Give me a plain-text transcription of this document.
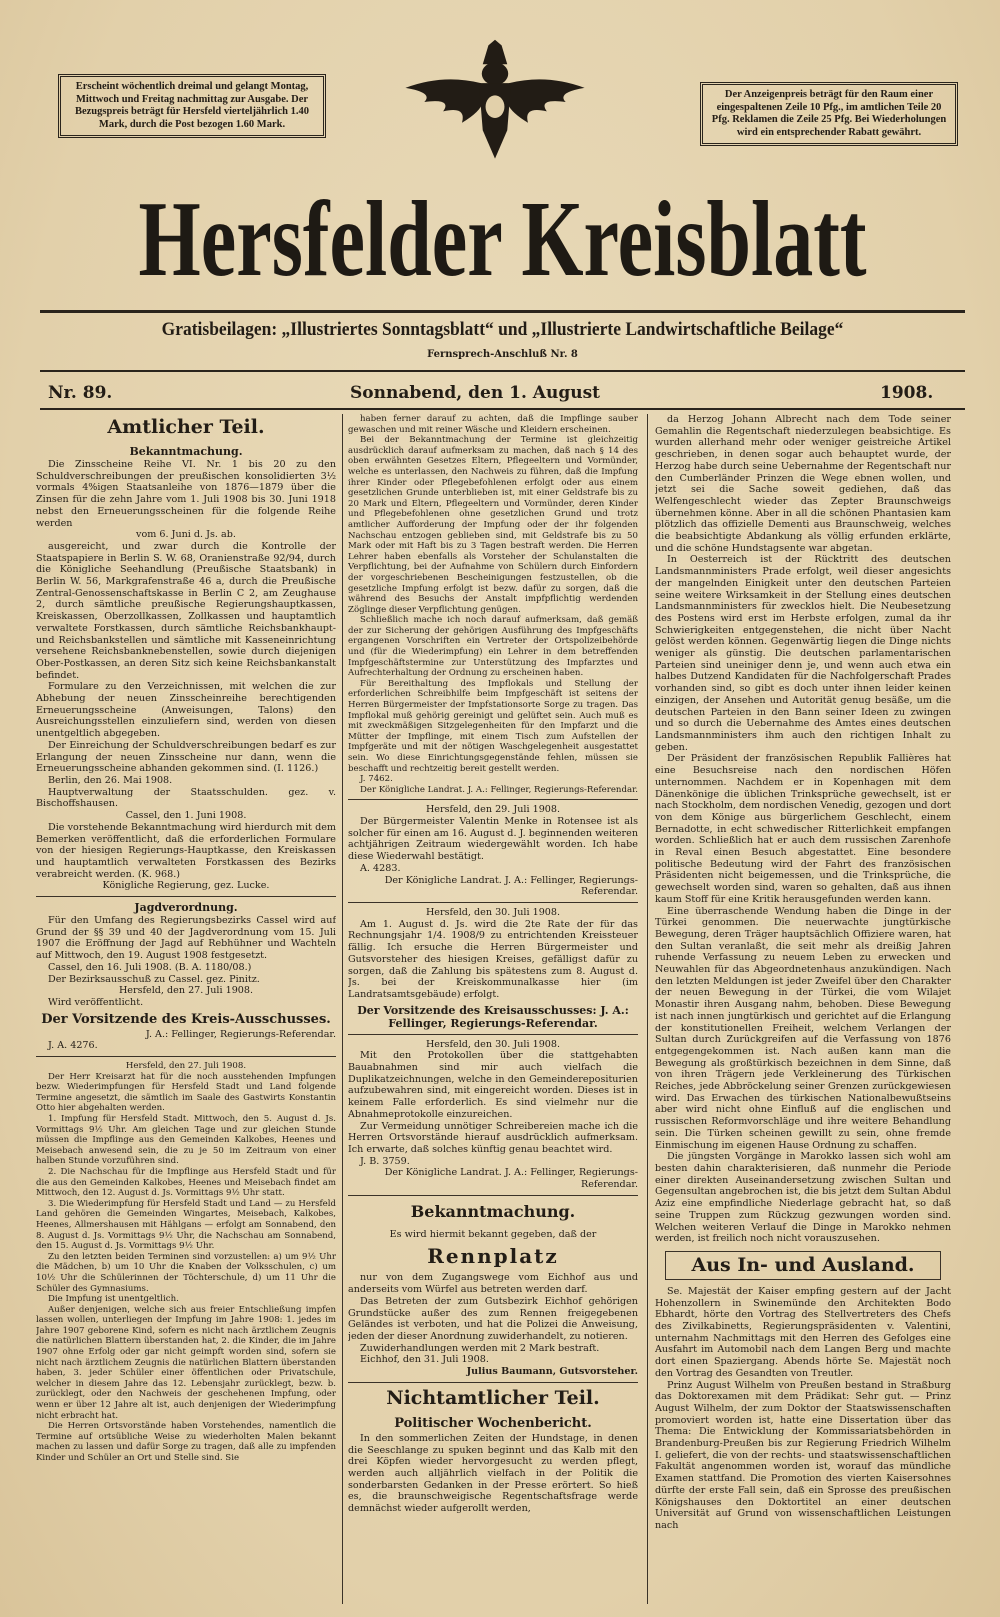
Erscheint wöchentlich dreimal und gelangt Montag, Mittwoch und Freitag nachmittag zur Ausgabe. Der Bezugspreis beträgt für Hersfeld vierteljährlich 1.40 Mark, durch die Post bezogen 1.60 Mark.
Der Anzeigenpreis beträgt für den Raum einer eingespaltenen Zeile 10 Pfg., im amtlichen Teile 20 Pfg. Reklamen die Zeile 25 Pfg. Bei Wiederholungen wird ein entsprechender Rabatt gewährt.
Hersfelder Kreisblatt
Gratisbeilagen: „Illustriertes Sonntagsblatt“ und „Illustrierte Landwirtschaftliche Beilage“
Fernsprech-Anschluß Nr. 8
Nr. 89.	Sonnabend, den 1. August	1908.
Amtlicher Teil.
Bekanntmachung.

Die Zinsscheine Reihe VI. Nr. 1 bis 20 zu den Schuldverschreibungen der preußischen konsolidierten 3½ vormals 4%igen Staatsanleihe von 1876—1879 über die Zinsen für die zehn Jahre vom 1. Juli 1908 bis 30. Juni 1918 nebst den Erneuerungsscheinen für die folgende Reihe werden

vom 6. Juni d. Js. ab.

ausgereicht, und zwar durch die Kontrolle der Staatspapiere in Berlin S. W. 68, Oranienstraße 92/94, durch die Königliche Seehandlung (Preußische Staatsbank) in Berlin W. 56, Markgrafenstraße 46 a, durch die Preußische Zentral-Genossenschaftskasse in Berlin C 2, am Zeughause 2, durch sämtliche preußische Regierungshauptkassen, Kreiskassen, Oberzollkassen, Zollkassen und hauptamtlich verwaltete Forstkassen, durch sämtliche Reichsbankhaupt- und Reichsbankstellen und sämtliche mit Kasseneinrichtung versehene Reichsbanknebenstellen, sowie durch diejenigen Ober-Postkassen, an deren Sitz sich keine Reichsbankanstalt befindet.

Formulare zu den Verzeichnissen, mit welchen die zur Abhebung der neuen Zinsscheinreihe berechtigenden Erneuerungsscheine (Anweisungen, Talons) den Ausreichungsstellen einzuliefern sind, werden von diesen unentgeltlich abgegeben.

Der Einreichung der Schuldverschreibungen bedarf es zur Erlangung der neuen Zinsscheine nur dann, wenn die Erneuerungsscheine abhanden gekommen sind. (I. 1126.)

Berlin, den 26. Mai 1908.

Hauptverwaltung der Staatsschulden. gez. v. Bischoffshausen.

Cassel, den 1. Juni 1908.

Die vorstehende Bekanntmachung wird hierdurch mit dem Bemerken veröffentlicht, daß die erforderlichen Formulare von der hiesigen Regierungs-Hauptkasse, den Kreiskassen und hauptamtlich verwalteten Forstkassen des Bezirks verabreicht werden. (K. 968.)

Königliche Regierung, gez. Lucke.

Jagdverordnung.

Für den Umfang des Regierungsbezirks Cassel wird auf Grund der §§ 39 und 40 der Jagdverordnung vom 15. Juli 1907 die Eröffnung der Jagd auf Rebhühner und Wachteln auf Mittwoch, den 19. August 1908 festgesetzt.

Cassel, den 16. Juli 1908. (B. A. 1180/08.)

Der Bezirksausschuß zu Cassel. gez. Pinitz.

Hersfeld, den 27. Juli 1908.

Wird veröffentlicht.

Der Vorsitzende des Kreis-Ausschusses.

J. A.: Fellinger, Regierungs-Referendar.

J. A. 4276.

Hersfeld, den 27. Juli 1908.

Der Herr Kreisarzt hat für die noch ausstehenden Impfungen bezw. Wiederimpfungen für Hersfeld Stadt und Land folgende Termine angesetzt, die sämtlich im Saale des Gastwirts Konstantin Otto hier abgehalten werden.

1. Impfung für Hersfeld Stadt. Mittwoch, den 5. August d. Js. Vormittags 9½ Uhr. Am gleichen Tage und zur gleichen Stunde müssen die Impflinge aus den Gemeinden Kalkobes, Heenes und Meisebach anwesend sein, die zu je 50 im Zeitraum von einer halben Stunde vorzuführen sind.

2. Die Nachschau für die Impflinge aus Hersfeld Stadt und für die aus den Gemeinden Kalkobes, Heenes und Meisebach findet am Mittwoch, den 12. August d. Js. Vormittags 9½ Uhr statt.

3. Die Wiederimpfung für Hersfeld Stadt und Land — zu Hersfeld Land gehören die Gemeinden Wingartes, Meisebach, Kalkobes, Heenes, Allmershausen mit Hählgans — erfolgt am Sonnabend, den 8. August d. Js. Vormittags 9½ Uhr, die Nachschau am Sonnabend, den 15. August d. Js. Vormittags 9½ Uhr.

Zu den letzten beiden Terminen sind vorzustellen: a) um 9½ Uhr die Mädchen, b) um 10 Uhr die Knaben der Volksschulen, c) um 10½ Uhr die Schülerinnen der Töchterschule, d) um 11 Uhr die Schüler des Gymnasiums.

Die Impfung ist unentgeltlich.

Außer denjenigen, welche sich aus freier Entschließung impfen lassen wollen, unterliegen der Impfung im Jahre 1908: 1. jedes im Jahre 1907 geborene Kind, sofern es nicht nach ärztlichem Zeugnis die natürlichen Blattern überstanden hat, 2. die Kinder, die im Jahre 1907 ohne Erfolg oder gar nicht geimpft worden sind, sofern sie nicht nach ärztlichem Zeugnis die natürlichen Blattern überstanden haben, 3. jeder Schüler einer öffentlichen oder Privatschule, welcher in diesem Jahre das 12. Lebensjahr zurücklegt, bezw. b. zurücklegt, oder den Nachweis der geschehenen Impfung, oder wenn er über 12 Jahre alt ist, auch denjenigen der Wiederimpfung nicht erbracht hat.

Die Herren Ortsvorstände haben Vorstehendes, namentlich die Termine auf ortsübliche Weise zu wiederholten Malen bekannt machen zu lassen und dafür Sorge zu tragen, daß alle zu impfenden Kinder und Schüler an Ort und Stelle sind. Sie

haben ferner darauf zu achten, daß die Impflinge sauber gewaschen und mit reiner Wäsche und Kleidern erscheinen.

Bei der Bekanntmachung der Termine ist gleichzeitig ausdrücklich darauf aufmerksam zu machen, daß nach § 14 des oben erwähnten Gesetzes Eltern, Pflegeeltern und Vormünder, welche es unterlassen, den Nachweis zu führen, daß die Impfung ihrer Kinder oder Pflegebefohlenen erfolgt oder aus einem gesetzlichen Grunde unterblieben ist, mit einer Geldstrafe bis zu 20 Mark und Eltern, Pflegeeltern und Vormünder, deren Kinder und Pflegebefohlenen ohne gesetzlichen Grund und trotz amtlicher Aufforderung der Impfung oder der ihr folgenden Nachschau entzogen geblieben sind, mit Geldstrafe bis zu 50 Mark oder mit Haft bis zu 3 Tagen bestraft werden. Die Herren Lehrer haben ebenfalls als Vorsteher der Schulanstalten die Verpflichtung, bei der Aufnahme von Schülern durch Einfordern der vorgeschriebenen Bescheinigungen festzustellen, ob die gesetzliche Impfung erfolgt ist bezw. dafür zu sorgen, daß die während des Besuchs der Anstalt impfpflichtig werdenden Zöglinge dieser Verpflichtung genügen.

Schließlich mache ich noch darauf aufmerksam, daß gemäß der zur Sicherung der gehörigen Ausführung des Impfgeschäfts ergangenen Vorschriften ein Vertreter der Ortspolizeibehörde und (für die Wiederimpfung) ein Lehrer in dem betreffenden Impfgeschäftstermine zur Unterstützung des Impfarztes und Aufrechterhaltung der Ordnung zu erscheinen haben.

Für Bereithaltung des Impflokals und Stellung der erforderlichen Schreibhilfe beim Impfgeschäft ist seitens der Herren Bürgermeister der Impfstationsorte Sorge zu tragen. Das Impflokal muß gehörig gereinigt und gelüftet sein. Auch muß es mit zweckmäßigen Sitzgelegenheiten für den Impfarzt und die Mütter der Impflinge, mit einem Tisch zum Aufstellen der Impfgeräte und mit der nötigen Waschgelegenheit ausgestattet sein. Wo diese Einrichtungsgegenstände fehlen, müssen sie beschafft und rechtzeitig bereit gestellt werden.

J. 7462.

Der Königliche Landrat. J. A.: Fellinger, Regierungs-Referendar.

Hersfeld, den 29. Juli 1908.

Der Bürgermeister Valentin Menke in Rotensee ist als solcher für einen am 16. August d. J. beginnenden weiteren achtjährigen Zeitraum wiedergewählt worden. Ich habe diese Wiederwahl bestätigt.

A. 4283.

Der Königliche Landrat. J. A.: Fellinger, Regierungs-Referendar.

Hersfeld, den 30. Juli 1908.

Am 1. August d. Js. wird die 2te Rate der für das Rechnungsjahr 1/4. 1908/9 zu entrichtenden Kreissteuer fällig. Ich ersuche die Herren Bürgermeister und Gutsvorsteher des hiesigen Kreises, gefälligst dafür zu sorgen, daß die Zahlung bis spätestens zum 8. August d. Js. bei der Kreiskommunalkasse hier (im Landratsamtsgebäude) erfolgt.

Der Vorsitzende des Kreisausschusses: J. A.: Fellinger, Regierungs-Referendar.

Hersfeld, den 30. Juli 1908.

Mit den Protokollen über die stattgehabten Bauabnahmen sind mir auch vielfach die Duplikatzeichnungen, welche in den Gemeinderepositurien aufzubewahren sind, mit eingereicht worden. Dieses ist in keinem Falle erforderlich. Es sind vielmehr nur die Abnahmeprotokolle einzureichen.

Zur Vermeidung unnötiger Schreibereien mache ich die Herren Ortsvorstände hierauf ausdrücklich aufmerksam. Ich erwarte, daß solches künftig genau beachtet wird.

J. B. 3759.

Der Königliche Landrat. J. A.: Fellinger, Regierungs-Referendar.

Bekanntmachung.

Es wird hiermit bekannt gegeben, daß der

Rennplatz

nur von dem Zugangswege vom Eichhof aus und anderseits vom Würfel aus betreten werden darf.

Das Betreten der zum Gutsbezirk Eichhof gehörigen Grundstücke außer des zum Rennen freigegebenen Geländes ist verboten, und hat die Polizei die Anweisung, jeden der dieser Anordnung zuwiderhandelt, zu notieren.

Zuwiderhandlungen werden mit 2 Mark bestraft.

Eichhof, den 31. Juli 1908.

Julius Baumann, Gutsvorsteher.

Nichtamtlicher Teil.
Politischer Wochenbericht.

In den sommerlichen Zeiten der Hundstage, in denen die Seeschlange zu spuken beginnt und das Kalb mit den drei Köpfen wieder hervorgesucht zu werden pflegt, werden auch alljährlich vielfach in der Politik die sonderbarsten Gedanken in der Presse erörtert. So hieß es, die braunschweigische Regentschaftsfrage werde demnächst wieder aufgerollt werden,

da Herzog Johann Albrecht nach dem Tode seiner Gemahlin die Regentschaft niederzulegen beabsichtige. Es wurden allerhand mehr oder weniger geistreiche Artikel geschrieben, in denen sogar auch behauptet wurde, der Herzog habe durch seine Uebernahme der Regentschaft nur den Cumberländer Prinzen die Wege ebnen wollen, und jetzt sei die Sache soweit gediehen, daß das Welfengeschlecht wieder das Zepter Braunschweigs übernehmen könne. Aber in all die schönen Phantasien kam plötzlich das offizielle Dementi aus Braunschweig, welches die beabsichtigte Abdankung als völlig erfunden erklärte, und die schöne Hundstagsente war abgetan.

In Oesterreich ist der Rücktritt des deutschen Landsmannministers Prade erfolgt, weil dieser angesichts der mangelnden Einigkeit unter den deutschen Parteien seine weitere Wirksamkeit in der Stellung eines deutschen Landsmannministers für zwecklos hielt. Die Neubesetzung des Postens wird erst im Herbste erfolgen, zumal da ihr Schwierigkeiten entgegenstehen, die nicht über Nacht gelöst werden können. Gegenwärtig liegen die Dinge nichts weniger als günstig. Die deutschen parlamentarischen Parteien sind uneiniger denn je, und wenn auch etwa ein halbes Dutzend Kandidaten für die Nachfolgerschaft Prades vorhanden sind, so gibt es doch unter ihnen leider keinen einzigen, der Ansehen und Autorität genug besäße, um die deutschen Parteien in den Bann seiner Ideen zu zwingen und so durch die Uebernahme des Amtes eines deutschen Landsmannministers ihm auch den richtigen Inhalt zu geben.

Der Präsident der französischen Republik Fallières hat eine Besuchsreise nach den nordischen Höfen unternommen. Nachdem er in Kopenhagen mit dem Dänenkönige die üblichen Trinksprüche gewechselt, ist er nach Stockholm, dem nordischen Venedig, gezogen und dort von dem Könige aus bürgerlichem Geschlecht, einem Bernadotte, in echt schwedischer Ritterlichkeit empfangen worden. Schließlich hat er auch dem russischen Zarenhofe in Reval einen Besuch abgestattet. Eine besondere politische Bedeutung wird der Fahrt des französischen Präsidenten nicht beigemessen, und die Trinksprüche, die gewechselt worden sind, waren so gehalten, daß aus ihnen kaum Stoff für eine Kritik herausgefunden werden kann.

Eine überraschende Wendung haben die Dinge in der Türkei genommen. Die neuerwachte jungtürkische Bewegung, deren Träger hauptsächlich Offiziere waren, hat den Sultan veranlaßt, die seit mehr als dreißig Jahren ruhende Verfassung zu neuem Leben zu erwecken und Neuwahlen für das Abgeordnetenhaus anzukündigen. Nach den letzten Meldungen ist jeder Zweifel über den Charakter der neuen Bewegung in der Türkei, die vom Wilajet Monastir ihren Ausgang nahm, behoben. Diese Bewegung ist nach innen jungtürkisch und gerichtet auf die Erlangung der konstitutionellen Freiheit, welchem Verlangen der Sultan durch Zurückgreifen auf die Verfassung von 1876 entgegengekommen ist. Nach außen kann man die Bewegung als großtürkisch bezeichnen in dem Sinne, daß von ihren Trägern jede Verkleinerung des Türkischen Reiches, jede Abbröckelung seiner Grenzen zurückgewiesen wird. Das Erwachen des türkischen Nationalbewußtseins aber wird nicht ohne Einfluß auf die englischen und russischen Reformvorschläge und ihre weitere Behandlung sein. Die Türken scheinen gewillt zu sein, ohne fremde Einmischung im eigenen Hause Ordnung zu schaffen.

Die jüngsten Vorgänge in Marokko lassen sich wohl am besten dahin charakterisieren, daß nunmehr die Periode einer direkten Auseinandersetzung zwischen Sultan und Gegensultan angebrochen ist, die bis jetzt dem Sultan Abdul Aziz eine empfindliche Niederlage gebracht hat, so daß seine Truppen zum Rückzug gezwungen worden sind. Welchen weiteren Verlauf die Dinge in Marokko nehmen werden, ist freilich noch nicht vorauszusehen.

Aus In- und Ausland.

Se. Majestät der Kaiser empfing gestern auf der Jacht Hohenzollern in Swinemünde den Architekten Bodo Ebhardt, hörte den Vortrag des Stellvertreters des Chefs des Zivilkabinetts, Regierungspräsidenten v. Valentini, unternahm Nachmittags mit den Herren des Gefolges eine Ausfahrt im Automobil nach dem Langen Berg und machte dort einen Spaziergang. Abends hörte Se. Majestät noch den Vortrag des Gesandten von Treutler.

Prinz August Wilhelm von Preußen bestand in Straßburg das Doktorexamen mit dem Prädikat: Sehr gut. — Prinz August Wilhelm, der zum Doktor der Staatswissenschaften promoviert worden ist, hatte eine Dissertation über das Thema: Die Entwicklung der Kommissariatsbehörden in Brandenburg-Preußen bis zur Regierung Friedrich Wilhelm I. geliefert, die von der rechts- und staatswissenschaftlichen Fakultät angenommen worden ist, worauf das mündliche Examen stattfand. Die Promotion des vierten Kaisersohnes dürfte der erste Fall sein, daß ein Sprosse des preußischen Königshauses den Doktortitel an einer deutschen Universität auf Grund von wissenschaftlichen Leistungen nach
